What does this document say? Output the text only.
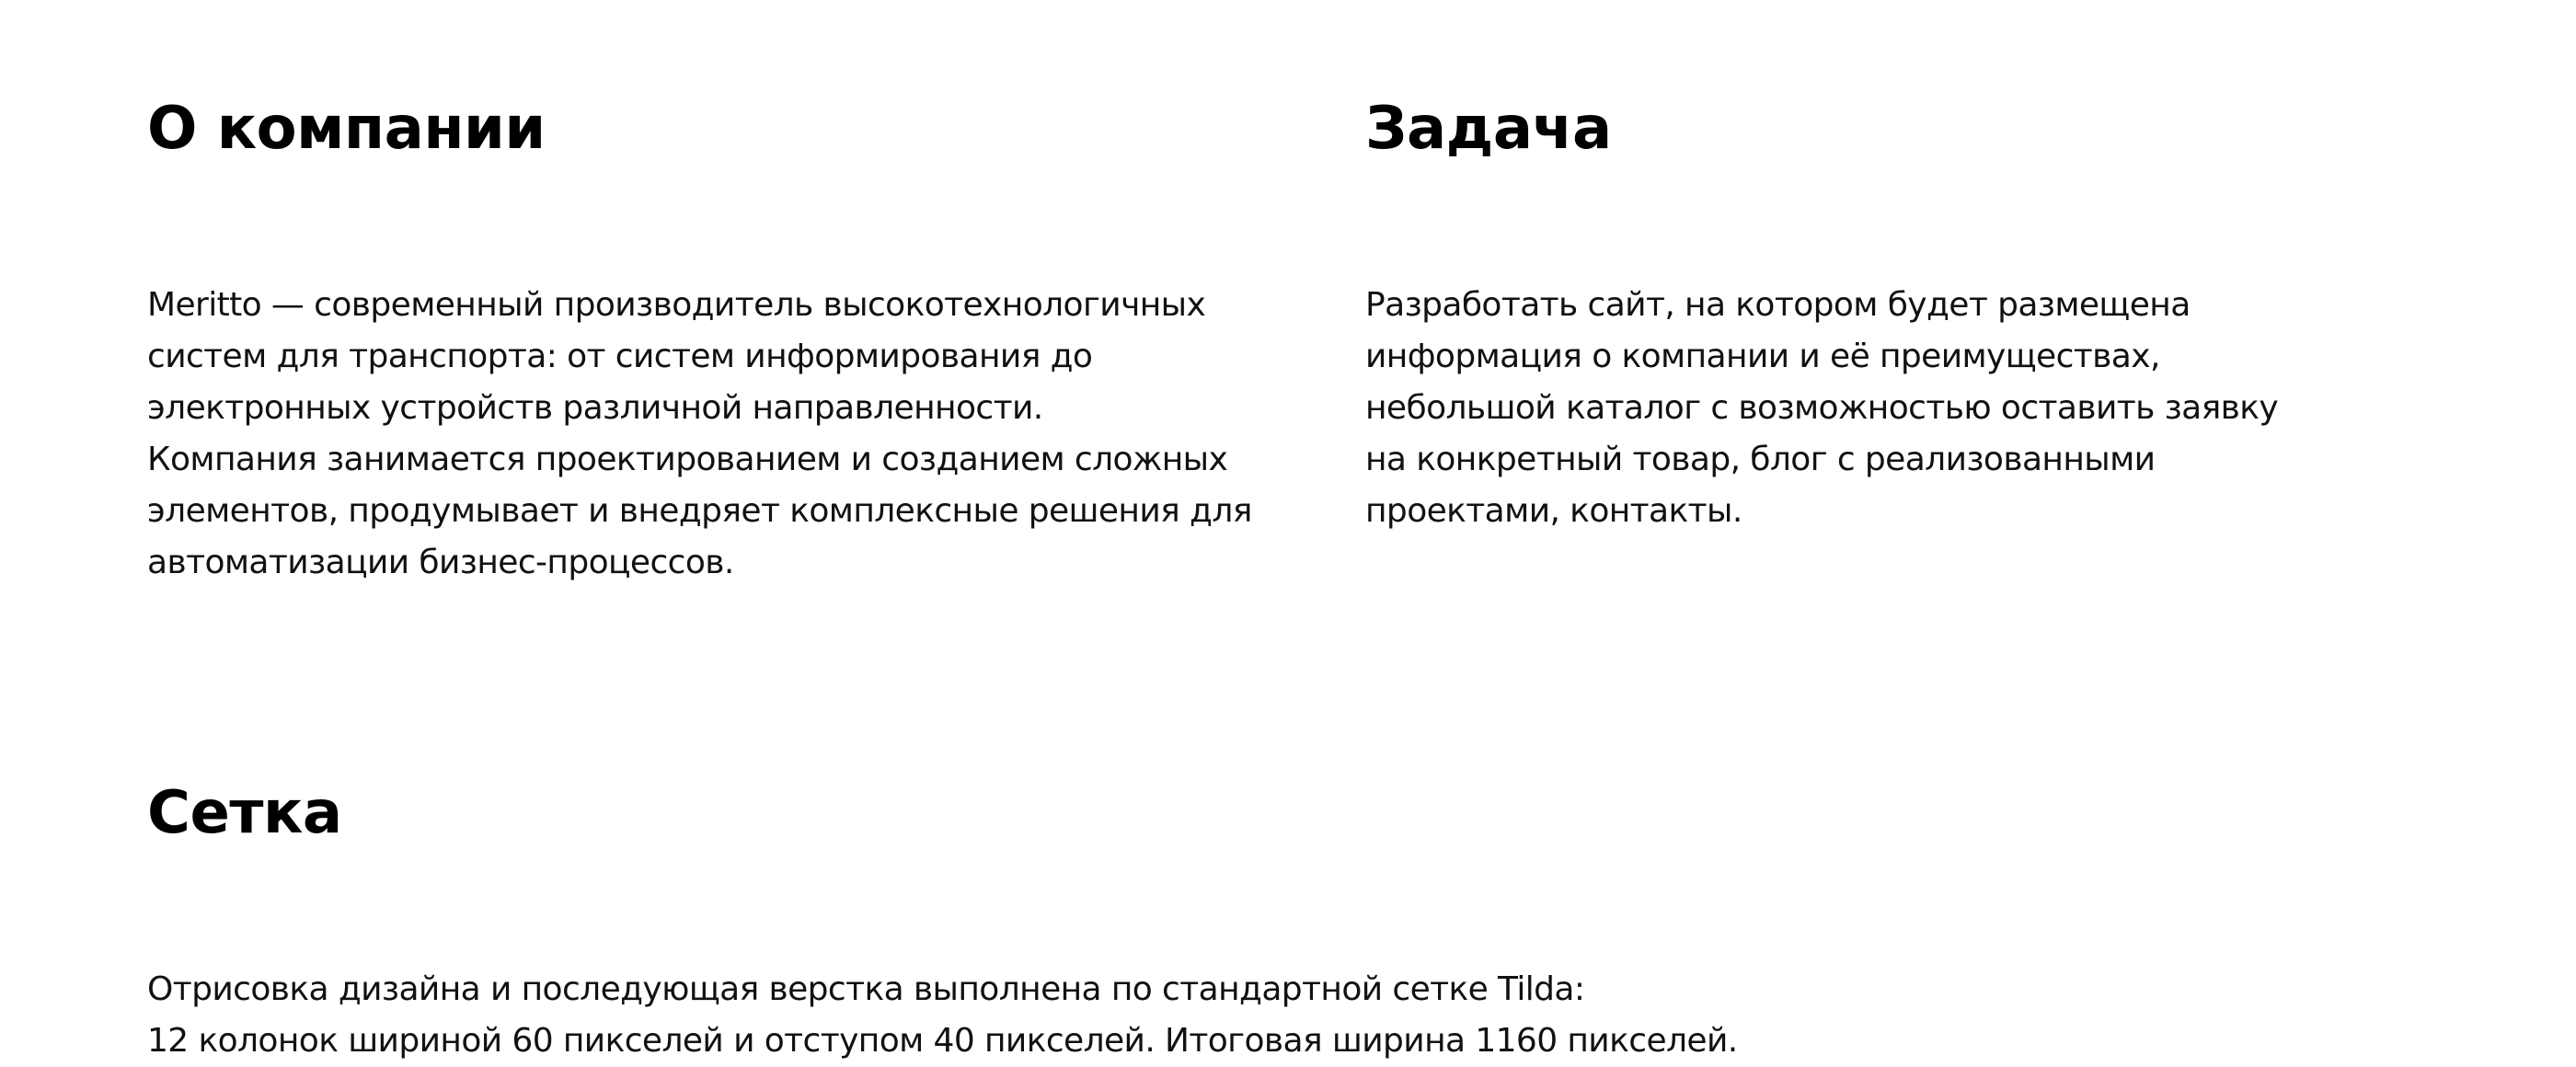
О компании

Meritto — современный производитель высокотехнологичных
систем для транспорта: от систем информирования до
электронных устройств различной направленности.
Компания занимается проектированием и созданием сложных
элементов, продумывает и внедряет комплексные решения для
автоматизации бизнес-процессов.

Задача

Разработать сайт, на котором будет размещена
информация о компании и её преимуществах,
небольшой каталог с возможностью оставить заявку
на конкретный товар, блог с реализованными
проектами, контакты.

Сетка

Отрисовка дизайна и последующая верстка выполнена по стандартной сетке Tilda:
12 колонок шириной 60 пикселей и отступом 40 пикселей. Итоговая ширина 1160 пикселей.
